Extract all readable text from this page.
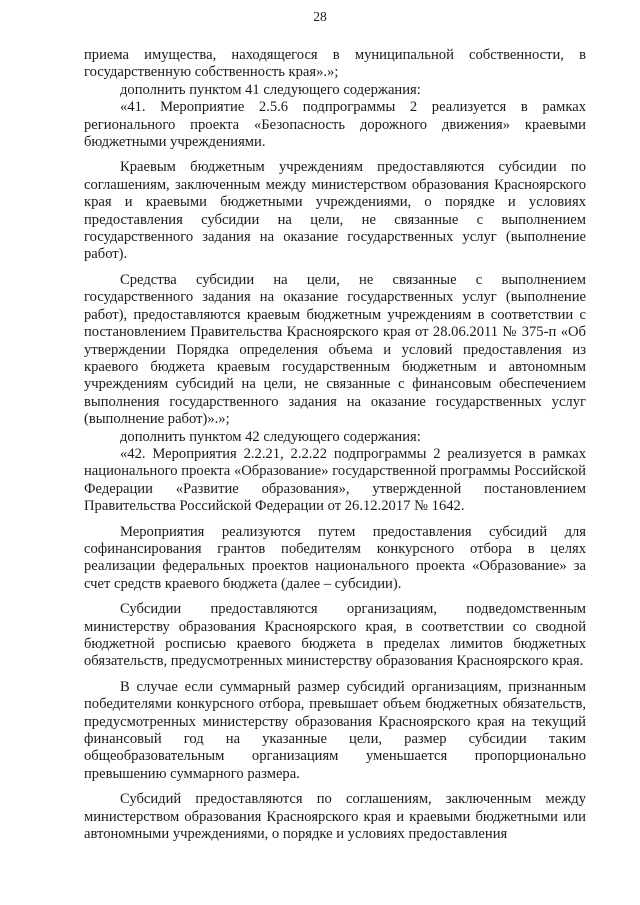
28

приема имущества, находящегося в муниципальной собственности, в государственную собственность края».»;

дополнить пунктом 41 следующего содержания:

«41. Мероприятие 2.5.6 подпрограммы 2 реализуется в рамках регионального проекта «Безопасность дорожного движения» краевыми бюджетными учреждениями.

Краевым бюджетным учреждениям предоставляются субсидии по соглашениям, заключенным между министерством образования Красноярского края и краевыми бюджетными учреждениями, о порядке и условиях предоставления субсидии на цели, не связанные с выполнением государственного задания на оказание государственных услуг (выполнение работ).

Средства субсидии на цели, не связанные с выполнением государственного задания на оказание государственных услуг (выполнение работ), предоставляются краевым бюджетным учреждениям в соответствии с постановлением Правительства Красноярского края от 28.06.2011 № 375-п «Об утверждении Порядка определения объема и условий предоставления из краевого бюджета краевым государственным бюджетным и автономным учреждениям субсидий на цели, не связанные с финансовым обеспечением выполнения государственного задания на оказание государственных услуг (выполнение работ)».»;

дополнить пунктом 42 следующего содержания:

«42. Мероприятия 2.2.21, 2.2.22 подпрограммы 2 реализуется в рамках национального проекта «Образование» государственной программы Российской Федерации «Развитие образования», утвержденной постановлением Правительства Российской Федерации от 26.12.2017 № 1642.

Мероприятия реализуются путем предоставления субсидий для софинансирования грантов победителям конкурсного отбора в целях реализации федеральных проектов национального проекта «Образование» за счет средств краевого бюджета (далее – субсидии).

Субсидии предоставляются организациям, подведомственным министерству образования Красноярского края, в соответствии со сводной бюджетной росписью краевого бюджета в пределах лимитов бюджетных обязательств, предусмотренных министерству образования Красноярского края.

В случае если суммарный размер субсидий организациям, признанным победителями конкурсного отбора, превышает объем бюджетных обязательств, предусмотренных министерству образования Красноярского края на текущий финансовый год на указанные цели, размер субсидии таким общеобразовательным организациям уменьшается пропорционально превышению суммарного размера.

Субсидий предоставляются по соглашениям, заключенным между министерством образования Красноярского края и краевыми бюджетными или автономными учреждениями, о порядке и условиях предоставления
